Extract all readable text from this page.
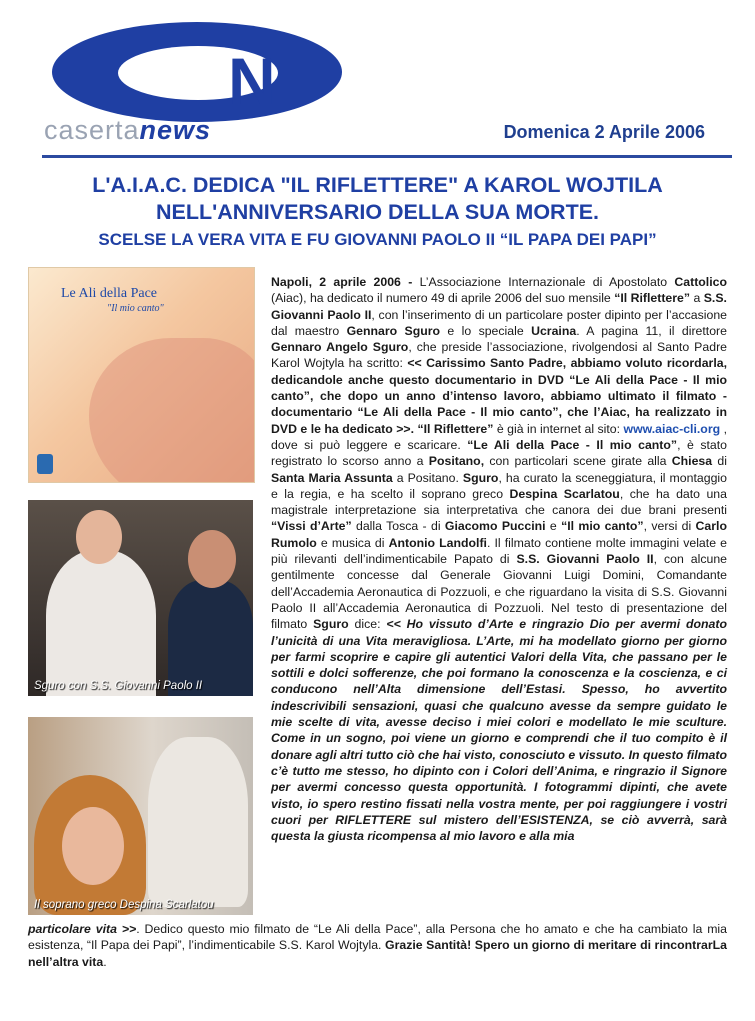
N
casertanews	Domenica 2 Aprile 2006
L'A.I.A.C. DEDICA "IL RIFLETTERE" A KAROL WOJTILA
NELL'ANNIVERSARIO DELLA SUA MORTE.
SCELSE LA VERA VITA E FU GIOVANNI PAOLO II “IL PAPA DEI PAPI”
Le Ali della Pace
"Il mio canto"
Sguro con S.S. Giovanni Paolo II
Il soprano greco Despina Scarlatou

Napoli, 2 aprile 2006 - L’Associazione Internazionale di Apostolato Cattolico (Aiac), ha dedicato il numero 49 di aprile 2006 del suo mensile “Il Riflettere” a S.S. Giovanni Paolo II, con l’inserimento di un particolare poster dipinto per l’accasione dal maestro Gennaro Sguro e lo speciale Ucraina. A pagina 11, il direttore Gennaro Angelo Sguro, che preside l’associazione, rivolgendosi al Santo Padre Karol Wojtyla ha scritto: << Carissimo Santo Padre, abbiamo voluto ricordarla, dedicandole anche questo documentario in DVD “Le Ali della Pace - Il mio canto”, che dopo un anno d’intenso lavoro, abbiamo ultimato il filmato - documentario “Le Ali della Pace - Il mio canto”, che l’Aiac, ha realizzato in DVD e le ha dedicato >>. “Il Riflettere” è già in internet al sito: www.aiac-cli.org , dove si può leggere e scaricare. “Le Ali della Pace - Il mio canto”, è stato registrato lo scorso anno a Positano, con particolari scene girate alla Chiesa di Santa Maria Assunta a Positano. Sguro, ha curato la sceneggiatura, il montaggio e la regia, e ha scelto il soprano greco Despina Scarlatou, che ha dato una magistrale interpretazione sia interpretativa che canora dei due brani presenti “Vissi d’Arte” dalla Tosca - di Giacomo Puccini e “Il mio canto”, versi di Carlo Rumolo e musica di Antonio Landolfi. Il filmato contiene molte immagini velate e più rilevanti dell’indimenticabile Papato di S.S. Giovanni Paolo II, con alcune gentilmente concesse dal Generale Giovanni Luigi Domini, Comandante dell’Accademia Aeronautica di Pozzuoli, e che riguardano la visita di S.S. Giovanni Paolo II all’Accademia Aeronautica di Pozzuoli. Nel testo di presentazione del filmato Sguro dice: << Ho vissuto d’Arte e ringrazio Dio per avermi donato l’unicità di una Vita meravigliosa. L’Arte, mi ha modellato giorno per giorno per farmi scoprire e capire gli autentici Valori della Vita, che passano per le sottili e dolci sofferenze, che poi formano la conoscenza e la coscienza, e ci conducono nell’Alta dimensione dell’Estasi. Spesso, ho avvertito indescrivibili sensazioni, quasi che qualcuno avesse da sempre guidato le mie scelte di vita, avesse deciso i miei colori e modellato le mie sculture. Come in un sogno, poi viene un giorno e comprendi che il tuo compito è il donare agli altri tutto ciò che hai visto, conosciuto e vissuto. In questo filmato c’è tutto me stesso, ho dipinto con i Colori dell’Anima, e ringrazio il Signore per avermi concesso questa opportunità. I fotogrammi dipinti, che avete visto, io spero restino fissati nella vostra mente, per poi raggiungere i vostri cuori per RIFLETTERE sul mistero dell’ESISTENZA, se ciò avverrà, sarà questa la giusta ricompensa al mio lavoro e alla mia

particolare vita >>. Dedico questo mio filmato de “Le Ali della Pace”, alla Persona che ho amato e che ha cambiato la mia esistenza, “Il Papa dei Papi”, l’indimenticabile S.S. Karol Wojtyla. Grazie Santità! Spero un giorno di meritare di rincontrarLa nell’altra vita.
